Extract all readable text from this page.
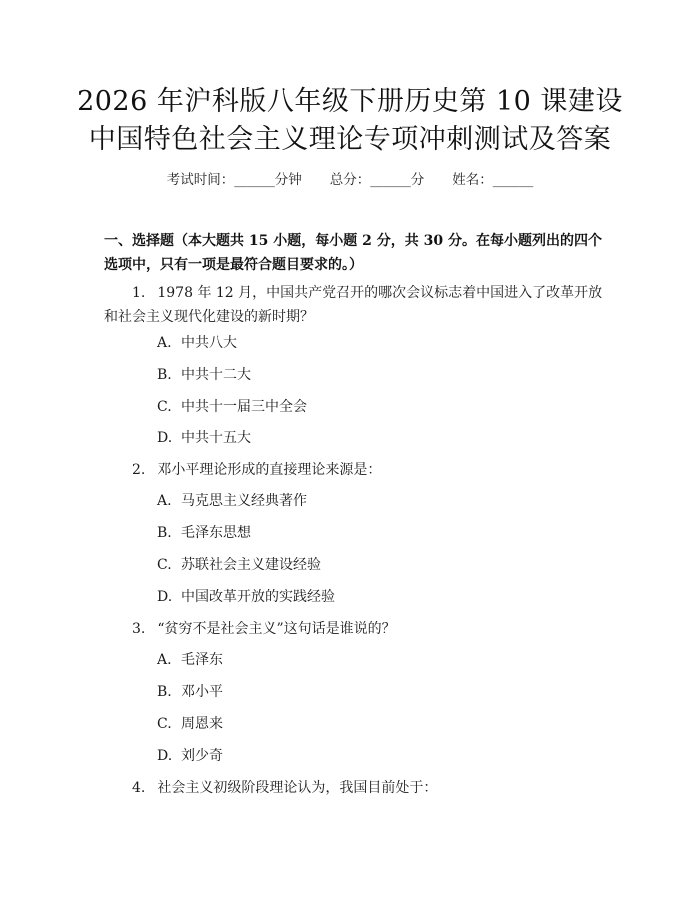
2026 年沪科版八年级下册历史第 10 课建设
中国特色社会主义理论专项冲刺测试及答案
考试时间：______分钟 总分：______分 姓名：______
一、选择题（本大题共 15 小题，每小题 2 分，共 30 分。在每小题列出的四个选项中，只有一项是最符合题目要求的。）
1. 1978 年 12 月，中国共产党召开的哪次会议标志着中国进入了改革开放和社会主义现代化建设的新时期？
A. 中共八大
B. 中共十二大
C. 中共十一届三中全会
D. 中共十五大
2. 邓小平理论形成的直接理论来源是：
A. 马克思主义经典著作
B. 毛泽东思想
C. 苏联社会主义建设经验
D. 中国改革开放的实践经验
3. “贫穷不是社会主义”这句话是谁说的？
A. 毛泽东
B. 邓小平
C. 周恩来
D. 刘少奇
4. 社会主义初级阶段理论认为，我国目前处于：
